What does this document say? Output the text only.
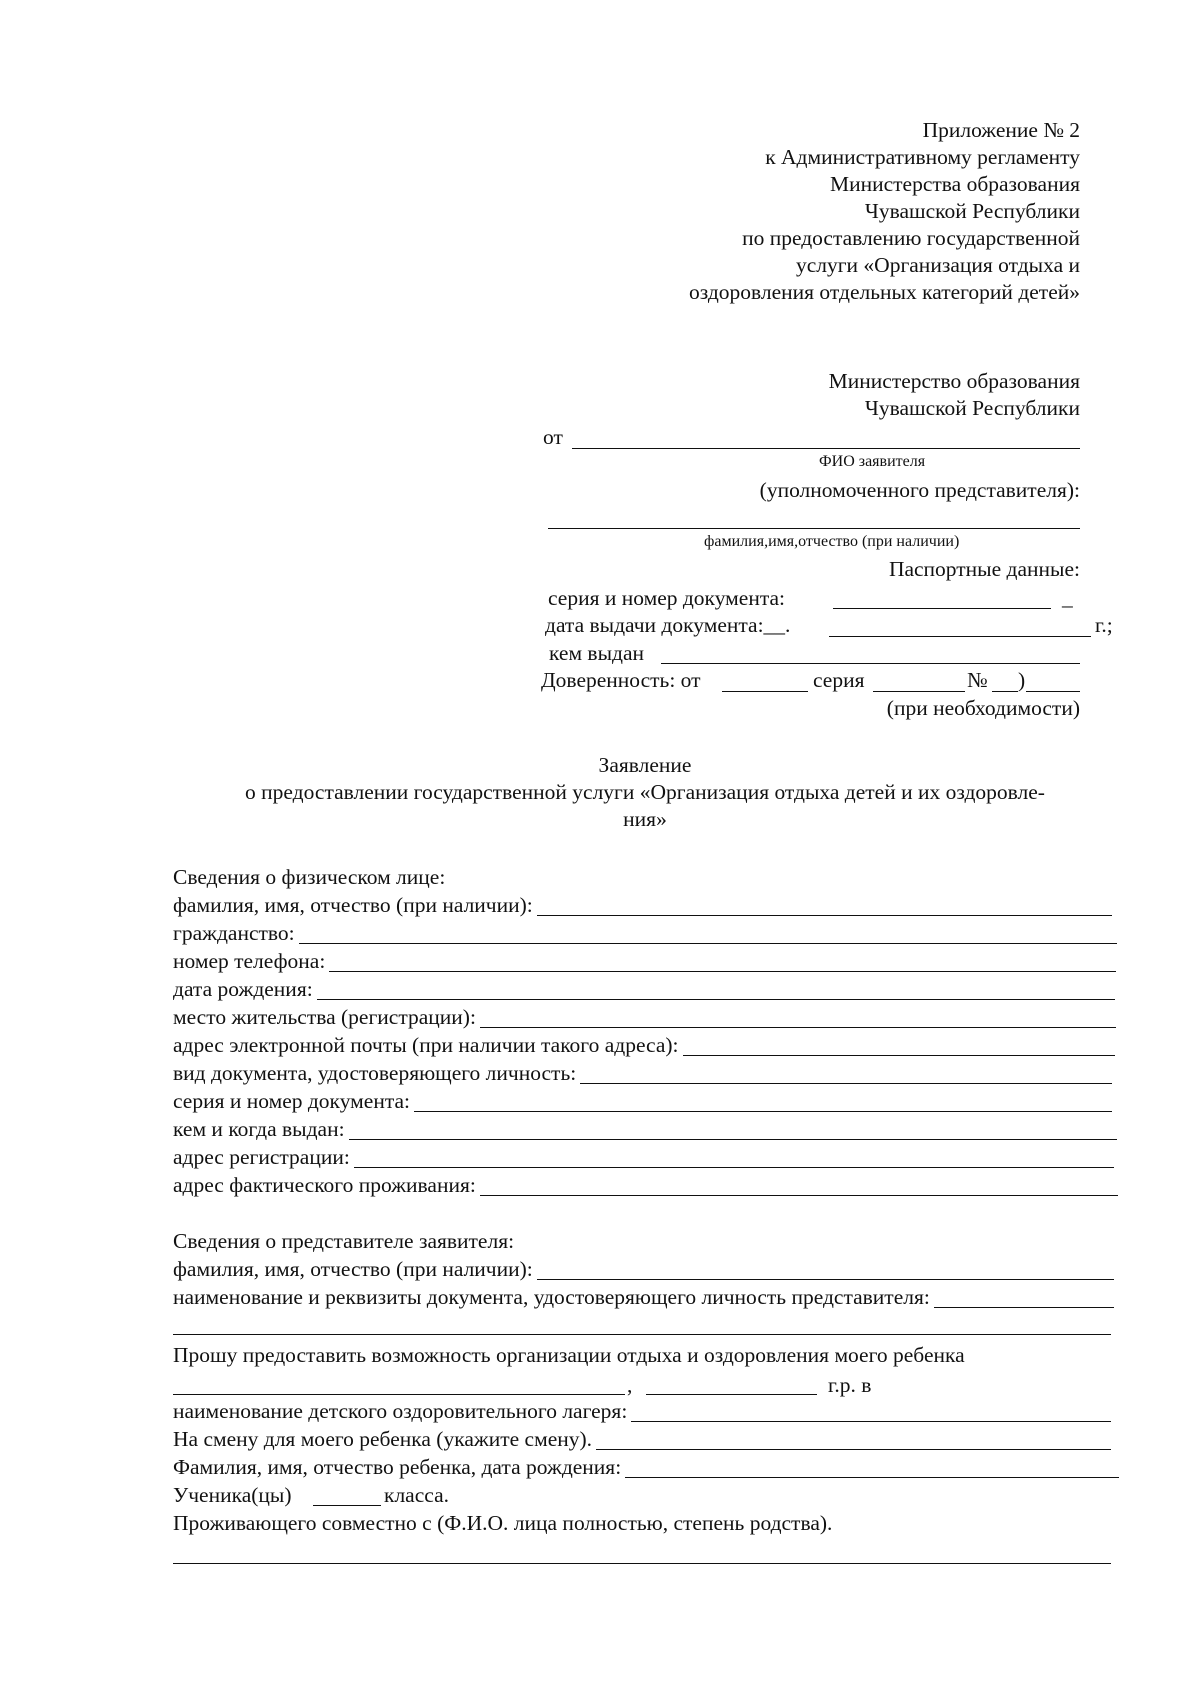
Приложение № 2
к Административному регламенту
Министерства образования
Чувашской Республики
по предоставлению государственной
услуги «Организация отдыха и
оздоровления отдельных категорий детей»
Министерство образования
Чувашской Республики
от
ФИО заявителя
(уполномоченного представителя):
фамилия,имя,отчество (при наличии)
Паспортные данные:
серия и номер документа:	_
дата выдачи документа:__.	г.;
кем выдан
Доверенность: от	серия	№ )
(при необходимости)
Заявление
о предоставлении государственной услуги «Организация отдыха детей и их оздоровле-
ния»
Сведения о физическом лице:
фамилия, имя, отчество (при наличии):
гражданство:
номер телефона:
дата рождения:
место жительства (регистрации):
адрес электронной почты (при наличии такого адреса):
вид документа, удостоверяющего личность:
серия и номер документа:
кем и когда выдан:
адрес регистрации:
адрес фактического проживания:
Сведения о представителе заявителя:
фамилия, имя, отчество (при наличии):
наименование и реквизиты документа, удостоверяющего личность представителя:
Прошу предоставить возможность организации отдыха и оздоровления моего ребенка
,	г.р. в
наименование детского оздоровительного лагеря:
На смену для моего ребенка (укажите смену).
Фамилия, имя, отчество ребенка, дата рождения:
Ученика(цы)	класса.
Проживающего совместно с (Ф.И.О. лица полностью, степень родства).
